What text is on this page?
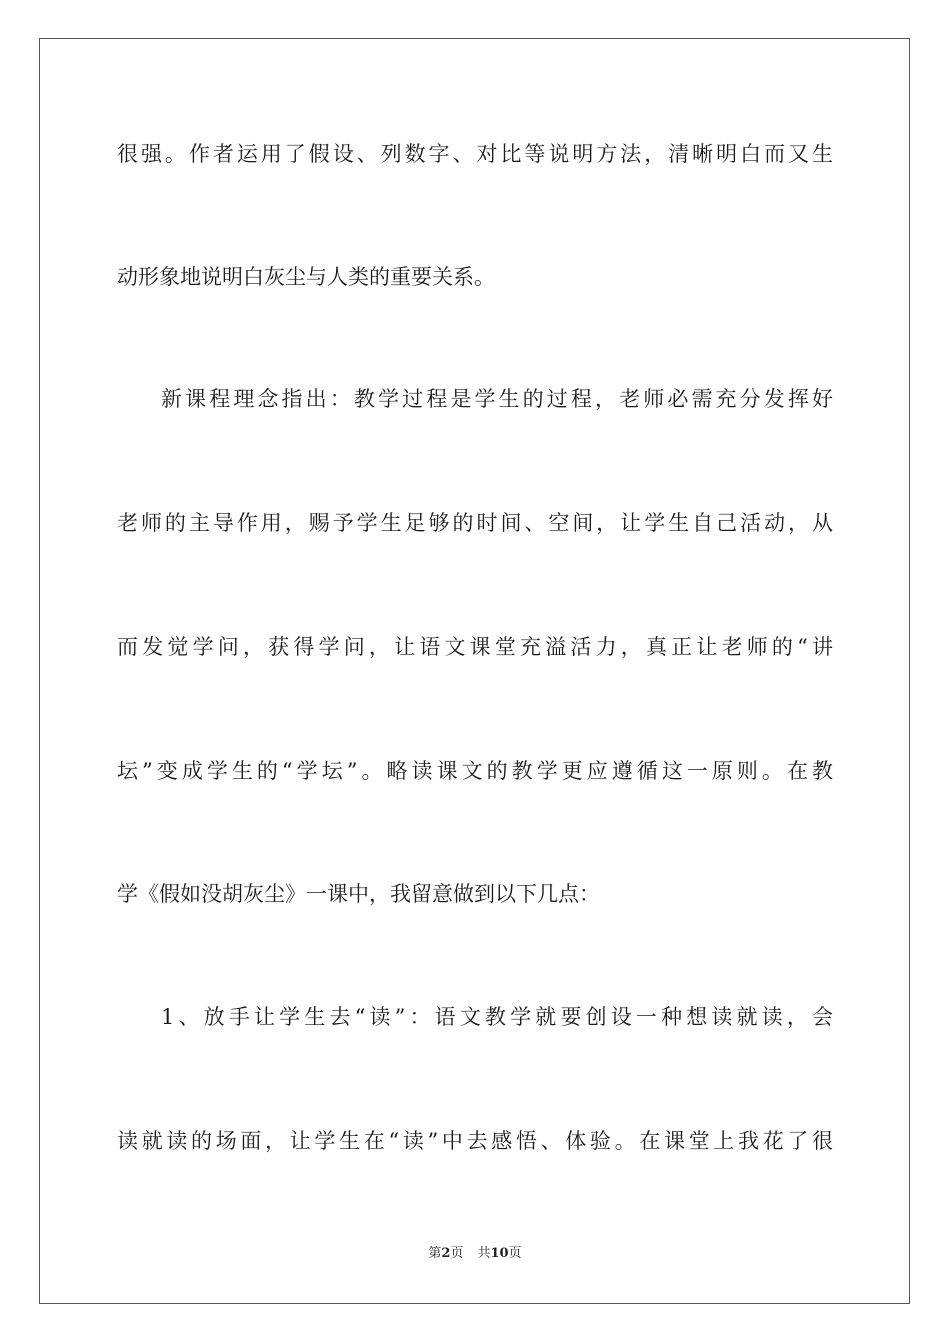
很强。作者运用了假设、列数字、对比等说明方法，清晰明白而又生
动形象地说明白灰尘与人类的重要关系。
新课程理念指出：教学过程是学生的过程，老师必需充分发挥好
老师的主导作用，赐予学生足够的时间、空间，让学生自己活动，从
而发觉学问，获得学问，让语文课堂充溢活力，真正让老师的“讲
坛”变成学生的“学坛”。略读课文的教学更应遵循这一原则。在教
学《假如没胡灰尘》一课中，我留意做到以下几点：
1、放手让学生去“读”：语文教学就要创设一种想读就读，会
读就读的场面，让学生在“读”中去感悟、体验。在课堂上我花了很
第2页 共10页
